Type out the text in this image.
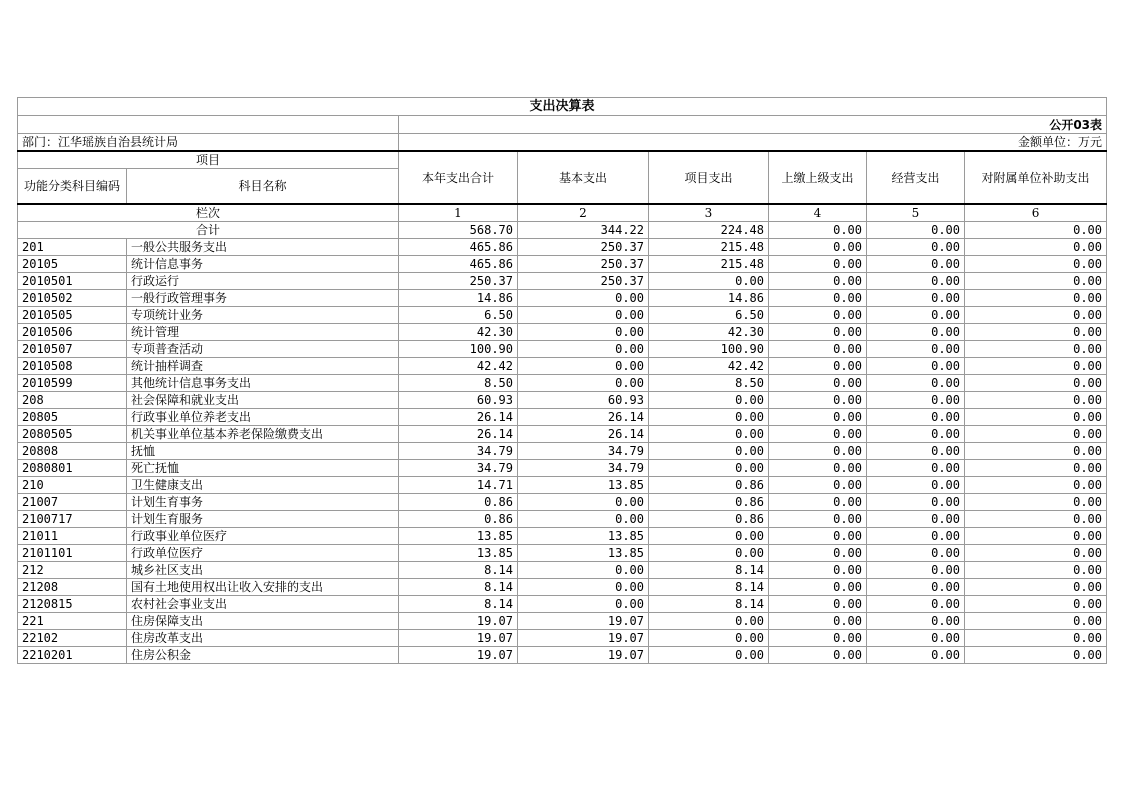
支出决算表							
		公开03表					
部门：江华瑶族自治县统计局		金额单位：万元					
项目		本年支出合计	基本支出	项目支出	上缴上级支出	经营支出	对附属单位补助支出
功能分类科目编码	科目名称						
栏次		1	2	3	4	5	6
合计		568.70	344.22	224.48	0.00	0.00	0.00
201	一般公共服务支出	465.86	250.37	215.48	0.00	0.00	0.00
20105	统计信息事务	465.86	250.37	215.48	0.00	0.00	0.00
2010501	行政运行	250.37	250.37	0.00	0.00	0.00	0.00
2010502	一般行政管理事务	14.86	0.00	14.86	0.00	0.00	0.00
2010505	专项统计业务	6.50	0.00	6.50	0.00	0.00	0.00
2010506	统计管理	42.30	0.00	42.30	0.00	0.00	0.00
2010507	专项普查活动	100.90	0.00	100.90	0.00	0.00	0.00
2010508	统计抽样调查	42.42	0.00	42.42	0.00	0.00	0.00
2010599	其他统计信息事务支出	8.50	0.00	8.50	0.00	0.00	0.00
208	社会保障和就业支出	60.93	60.93	0.00	0.00	0.00	0.00
20805	行政事业单位养老支出	26.14	26.14	0.00	0.00	0.00	0.00
2080505	机关事业单位基本养老保险缴费支出	26.14	26.14	0.00	0.00	0.00	0.00
20808	抚恤	34.79	34.79	0.00	0.00	0.00	0.00
2080801	死亡抚恤	34.79	34.79	0.00	0.00	0.00	0.00
210	卫生健康支出	14.71	13.85	0.86	0.00	0.00	0.00
21007	计划生育事务	0.86	0.00	0.86	0.00	0.00	0.00
2100717	计划生育服务	0.86	0.00	0.86	0.00	0.00	0.00
21011	行政事业单位医疗	13.85	13.85	0.00	0.00	0.00	0.00
2101101	行政单位医疗	13.85	13.85	0.00	0.00	0.00	0.00
212	城乡社区支出	8.14	0.00	8.14	0.00	0.00	0.00
21208	国有土地使用权出让收入安排的支出	8.14	0.00	8.14	0.00	0.00	0.00
2120815	农村社会事业支出	8.14	0.00	8.14	0.00	0.00	0.00
221	住房保障支出	19.07	19.07	0.00	0.00	0.00	0.00
22102	住房改革支出	19.07	19.07	0.00	0.00	0.00	0.00
2210201	住房公积金	19.07	19.07	0.00	0.00	0.00	0.00
